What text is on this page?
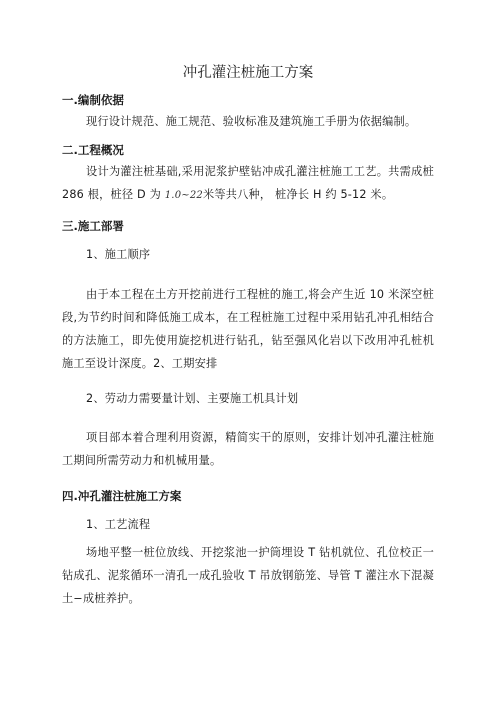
冲孔灌注桩施工方案
一.编制依据
现行设计规范、施工规范、验收标准及建筑施工手册为依据编制。
二.工程概况
设计为灌注桩基础,采用泥浆护壁钻冲成孔灌注桩施工工艺。共需成桩 286 根，桩径 D 为 1.0~22米等共八种， 桩净长 H 约 5-12 米。
三.施工部署
1、施工顺序
由于本工程在土方开挖前进行工程桩的施工,将会产生近 10 米深空桩段,为节约时间和降低施工成本，在工程桩施工过程中采用钻孔冲孔相结合的方法施工，即先使用旋挖机进行钻孔，钻至强风化岩以下改用冲孔桩机施工至设计深度。2、工期安排
2、劳动力需要量计划、主要施工机具计划
项目部本着合理利用资源，精简实干的原则，安排计划冲孔灌注桩施工期间所需劳动力和机械用量。
四.冲孔灌注桩施工方案
1、工艺流程
场地平整一桩位放线、开挖浆池一护筒埋设 T 钻机就位、孔位校正一钻成孔、泥浆循环一清孔一成孔验收 T 吊放钢筋笼、导管 T 灌注水下混凝土−成桩养护。
